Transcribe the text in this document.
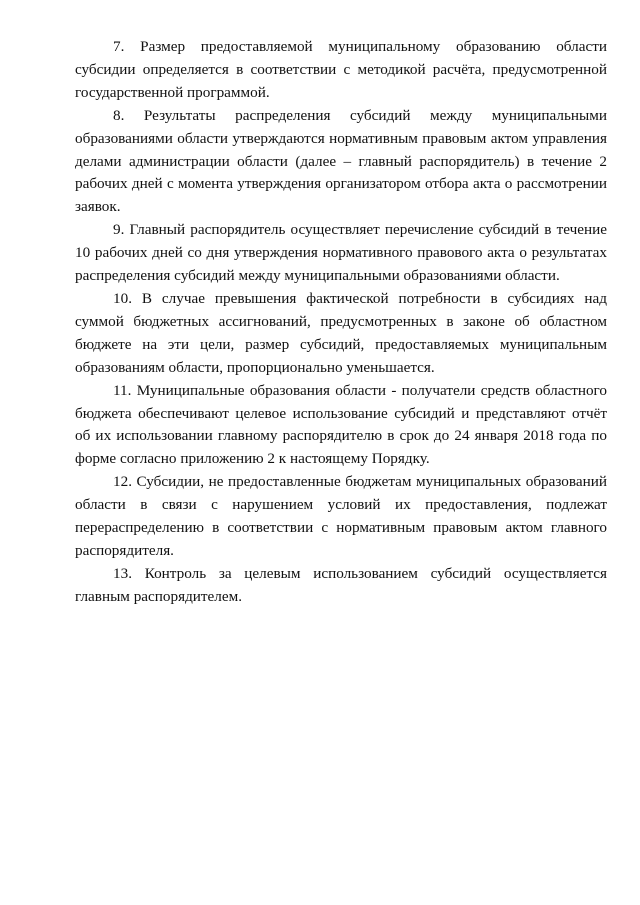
7. Размер предоставляемой муниципальному образованию области субсидии определяется в соответствии с методикой расчёта, предусмотренной государственной программой.

8. Результаты распределения субсидий между муниципальными образованиями области утверждаются нормативным правовым актом управления делами администрации области (далее – главный распорядитель) в течение 2 рабочих дней с момента утверждения организатором отбора акта о рассмотрении заявок.

9. Главный распорядитель осуществляет перечисление субсидий в течение 10 рабочих дней со дня утверждения нормативного правового акта о результатах распределения субсидий между муниципальными образованиями области.

10. В случае превышения фактической потребности в субсидиях над суммой бюджетных ассигнований, предусмотренных в законе об областном бюджете на эти цели, размер субсидий, предоставляемых муниципальным образованиям области, пропорционально уменьшается.

11. Муниципальные образования области - получатели средств областного бюджета обеспечивают целевое использование субсидий и представляют отчёт об их использовании главному распорядителю в срок до 24 января 2018 года по форме согласно приложению 2 к настоящему Порядку.

12. Субсидии, не предоставленные бюджетам муниципальных образований области в связи с нарушением условий их предоставления, подлежат перераспределению в соответствии с нормативным правовым актом главного распорядителя.

13. Контроль за целевым использованием субсидий осуществляется главным распорядителем.
